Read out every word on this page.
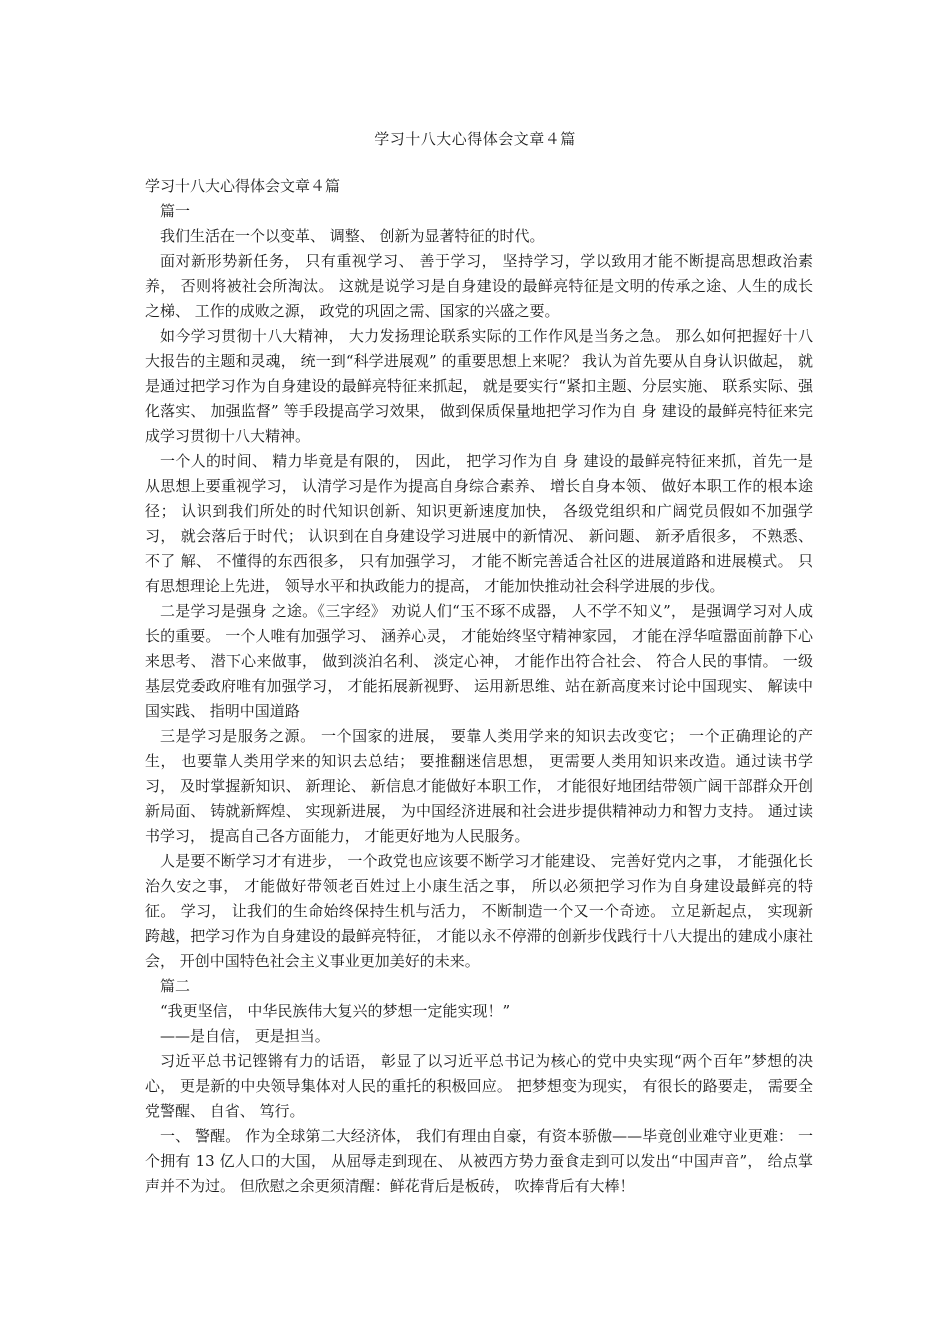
学习十八大心得体会文章４篇

学习十八大心得体会文章４篇

篇一

我们生活在一个以变革、 调整、 创新为显著特征的时代。

面对新形势新任务， 只有重视学习、 善于学习， 坚持学习，学以致用才能不断提高思想政治素养， 否则将被社会所淘汰。 这就是说学习是自身建设的最鲜亮特征是文明的传承之途、人生的成长之梯、 工作的成败之源， 政党的巩固之需、国家的兴盛之要。

如今学习贯彻十八大精神， 大力发扬理论联系实际的工作作风是当务之急。 那么如何把握好十八大报告的主题和灵魂， 统一到“科学进展观” 的重要思想上来呢？ 我认为首先要从自身认识做起， 就是通过把学习作为自身建设的最鲜亮特征来抓起， 就是要实行“紧扣主题、分层实施、 联系实际、强化落实、 加强监督” 等手段提高学习效果， 做到保质保量地把学习作为自 身 建设的最鲜亮特征来完成学习贯彻十八大精神。

一个人的时间、 精力毕竟是有限的， 因此， 把学习作为自 身 建设的最鲜亮特征来抓，首先一是从思想上要重视学习， 认清学习是作为提高自身综合素养、 增长自身本领、 做好本职工作的根本途径； 认识到我们所处的时代知识创新、知识更新速度加快， 各级党组织和广阔党员假如不加强学习， 就会落后于时代； 认识到在自身建设学习进展中的新情况、 新问题、 新矛盾很多， 不熟悉、 不了 解、 不懂得的东西很多， 只有加强学习， 才能不断完善适合社区的进展道路和进展模式。 只有思想理论上先进， 领导水平和执政能力的提高， 才能加快推动社会科学进展的步伐。

二是学习是强身 之途。《三字经》 劝说人们“玉不琢不成器， 人不学不知义”， 是强调学习对人成长的重要。 一个人唯有加强学习、 涵养心灵， 才能始终坚守精神家园， 才能在浮华喧嚣面前静下心来思考、 潜下心来做事， 做到淡泊名利、 淡定心神， 才能作出符合社会、 符合人民的事情。 一级基层党委政府唯有加强学习， 才能拓展新视野、 运用新思维、站在新高度来讨论中国现实、 解读中国实践、 指明中国道路

三是学习是服务之源。 一个国家的进展， 要靠人类用学来的知识去改变它； 一个正确理论的产生， 也要靠人类用学来的知识去总结； 要推翻迷信思想， 更需要人类用知识来改造。通过读书学习， 及时掌握新知识、 新理论、 新信息才能做好本职工作， 才能很好地团结带领广阔干部群众开创新局面、 铸就新辉煌、 实现新进展， 为中国经济进展和社会进步提供精神动力和智力支持。 通过读书学习， 提高自己各方面能力， 才能更好地为人民服务。

人是要不断学习才有进步， 一个政党也应该要不断学习才能建设、 完善好党内之事， 才能强化长治久安之事， 才能做好带领老百姓过上小康生活之事， 所以必须把学习作为自身建设最鲜亮的特征。 学习， 让我们的生命始终保持生机与活力， 不断制造一个又一个奇迹。 立足新起点， 实现新跨越，把学习作为自身建设的最鲜亮特征， 才能以永不停滞的创新步伐践行十八大提出的建成小康社会， 开创中国特色社会主义事业更加美好的未来。

篇二

“我更坚信， 中华民族伟大复兴的梦想一定能实现！”

——是自信， 更是担当。

习近平总书记铿锵有力的话语， 彰显了以习近平总书记为核心的党中央实现“两个百年”梦想的决心， 更是新的中央领导集体对人民的重托的积极回应。 把梦想变为现实， 有很长的路要走， 需要全党警醒、 自省、 笃行。

一、 警醒。 作为全球第二大经济体， 我们有理由自豪，有资本骄傲——毕竟创业难守业更难： 一个拥有 13 亿人口的大国， 从屈辱走到现在、 从被西方势力蚕食走到可以发出“中国声音”， 给点掌声并不为过。 但欣慰之余更须清醒：鲜花背后是板砖， 吹捧背后有大棒！
